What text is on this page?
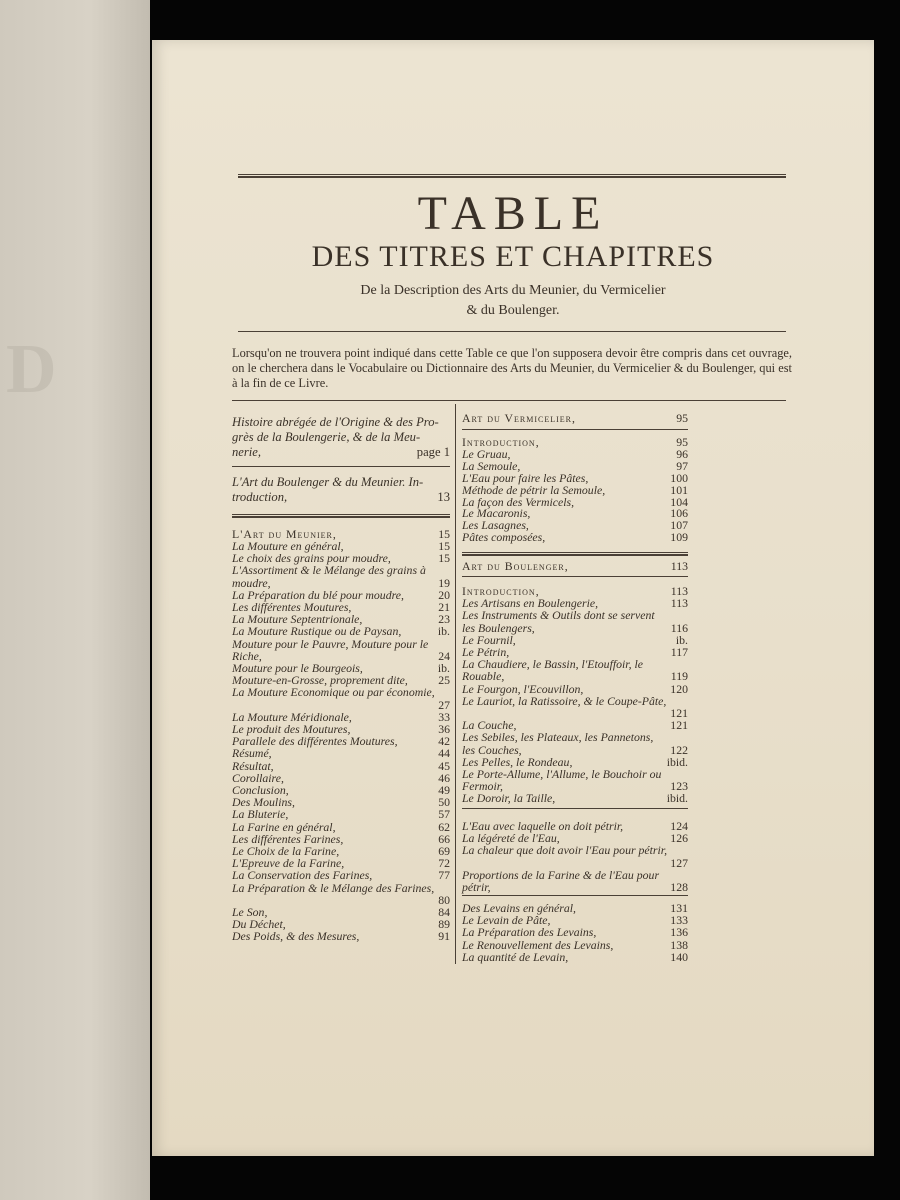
D
TABLE
DES TITRES ET CHAPITRES
De la Description des Arts du Meunier, du Vermicelier
& du Boulenger.
Lorsqu'on ne trouvera point indiqué dans cette Table ce que l'on supposera devoir être compris dans cet ouvrage, on le cherchera dans le Vocabulaire ou Dictionnaire des Arts du Meunier, du Vermicelier & du Boulenger, qui est à la fin de ce Livre.
Histoire abrégée de l'Origine & des Pro-
grès de la Boulengerie, & de la Meu-
nerie,	page 1
L'Art du Boulenger & du Meunier. In-
troduction,	13
L'Art du Meunier,	15
La Mouture en général,	15
Le choix des grains pour moudre,	15
L'Assortiment & le Mélange des grains à
moudre,	19
La Préparation du blé pour moudre,	20
Les différentes Moutures,	21
La Mouture Septentrionale,	23
La Mouture Rustique ou de Paysan,	ib.
Mouture pour le Pauvre, Mouture pour le
Riche,	24
Mouture pour le Bourgeois,	ib.
Mouture-en-Grosse, proprement dite,	25
La Mouture Economique ou par économie,
27
La Mouture Méridionale,	33
Le produit des Moutures,	36
Parallele des différentes Moutures,	42
Résumé,	44
Résultat,	45
Corollaire,	46
Conclusion,	49
Des Moulins,	50
La Bluterie,	57
La Farine en général,	62
Les différentes Farines,	66
Le Choix de la Farine,	69
L'Epreuve de la Farine,	72
La Conservation des Farines,	77
La Préparation & le Mélange des Farines,
80
Le Son,	84
Du Déchet,	89
Des Poids, & des Mesures,	91
Art du Vermicelier,	95
Introduction,	95
Le Gruau,	96
La Semoule,	97
L'Eau pour faire les Pâtes,	100
Méthode de pétrir la Semoule,	101
La façon des Vermicels,	104
Le Macaronis,	106
Les Lasagnes,	107
Pâtes composées,	109
Art du Boulenger,	113
Introduction,	113
Les Artisans en Boulengerie,	113
Les Instruments & Outils dont se servent
les Boulengers,	116
Le Fournil,	ib.
Le Pétrin,	117
La Chaudiere, le Bassin, l'Etouffoir, le
Rouable,	119
Le Fourgon, l'Ecouvillon,	120
Le Lauriot, la Ratissoire, & le Coupe-Pâte,
121
La Couche,	121
Les Sebiles, les Plateaux, les Pannetons,
les Couches,	122
Les Pelles, le Rondeau,	ibid.
Le Porte-Allume, l'Allume, le Bouchoir ou
Fermoir,	123
Le Doroir, la Taille,	ibid.
L'Eau avec laquelle on doit pétrir,	124
La légéreté de l'Eau,	126
La chaleur que doit avoir l'Eau pour pétrir,
127
Proportions de la Farine & de l'Eau pour
pétrir,	128
Des Levains en général,	131
Le Levain de Pâte,	133
La Préparation des Levains,	136
Le Renouvellement des Levains,	138
La quantité de Levain,	140
